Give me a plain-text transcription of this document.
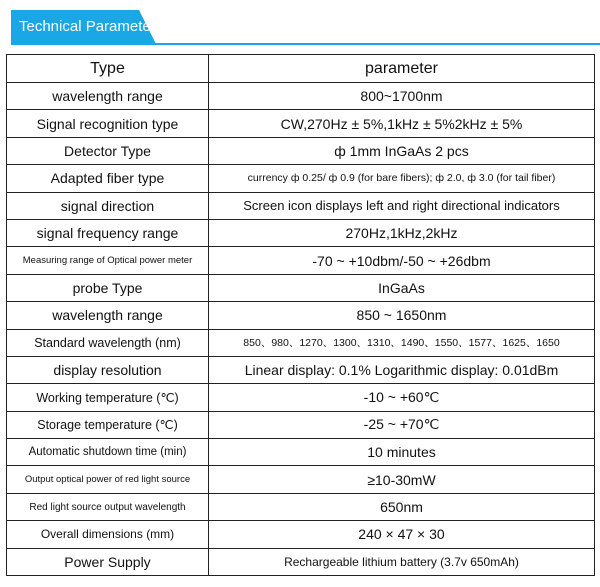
Technical Parameter
Type	parameter
wavelength range	800~1700nm
Signal recognition type	CW,270Hz ± 5%,1kHz ± 5%2kHz ± 5%
Detector Type	ф 1mm InGaAs 2 pcs
Adapted fiber type	currency ф 0.25/ ф 0.9 (for bare fibers); ф 2.0, ф 3.0 (for tail fiber)
signal direction	Screen icon displays left and right directional indicators
signal frequency range	270Hz,1kHz,2kHz
Measuring range of Optical power meter	-70 ~ +10dbm/-50 ~ +26dbm
probe Type	InGaAs
wavelength range	850 ~ 1650nm
Standard wavelength (nm)	850、980、1270、1300、1310、1490、1550、1577、1625、1650
display resolution	Linear display: 0.1% Logarithmic display: 0.01dBm
Working temperature (℃)	-10 ~ +60℃
Storage temperature (℃)	-25 ~ +70℃
Automatic shutdown time (min)	10 minutes
Output optical power of red light source	≥10-30mW
Red light source output wavelength	650nm
Overall dimensions (mm)	240 × 47 × 30
Power Supply	Rechargeable lithium battery (3.7v 650mAh)
